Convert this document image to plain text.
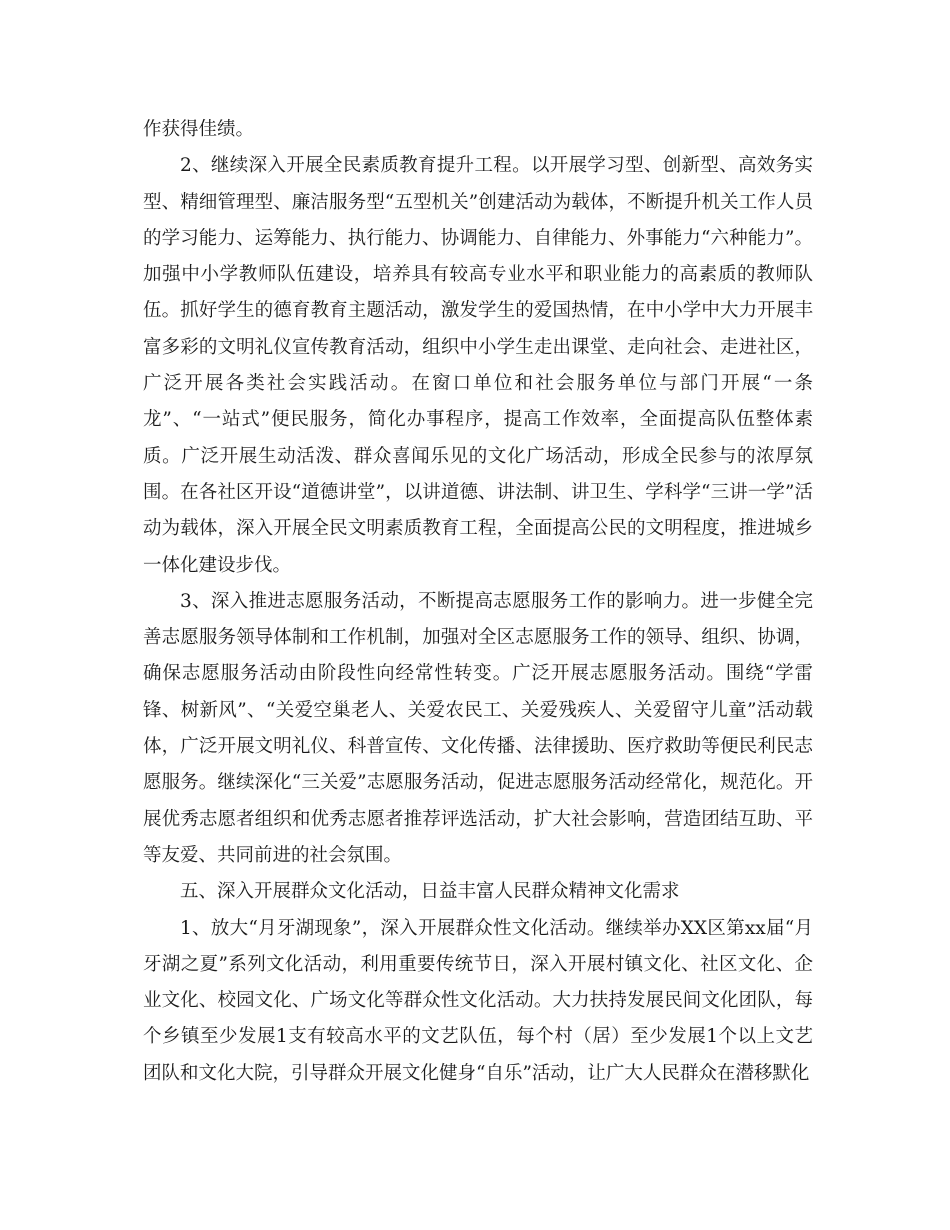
作获得佳绩。

2、继续深入开展全民素质教育提升工程。以开展学习型、创新型、高效务实型、精细管理型、廉洁服务型“五型机关”创建活动为载体，不断提升机关工作人员的学习能力、运筹能力、执行能力、协调能力、自律能力、外事能力“六种能力”。加强中小学教师队伍建设，培养具有较高专业水平和职业能力的高素质的教师队伍。抓好学生的德育教育主题活动，激发学生的爱国热情，在中小学中大力开展丰富多彩的文明礼仪宣传教育活动，组织中小学生走出课堂、走向社会、走进社区，广泛开展各类社会实践活动。在窗口单位和社会服务单位与部门开展“一条龙”、“一站式”便民服务，简化办事程序，提高工作效率，全面提高队伍整体素质。广泛开展生动活泼、群众喜闻乐见的文化广场活动，形成全民参与的浓厚氛围。在各社区开设“道德讲堂”，以讲道德、讲法制、讲卫生、学科学“三讲一学”活动为载体，深入开展全民文明素质教育工程，全面提高公民的文明程度，推进城乡一体化建设步伐。

3、深入推进志愿服务活动，不断提高志愿服务工作的影响力。进一步健全完善志愿服务领导体制和工作机制，加强对全区志愿服务工作的领导、组织、协调，确保志愿服务活动由阶段性向经常性转变。广泛开展志愿服务活动。围绕“学雷锋、树新风”、“关爱空巢老人、关爱农民工、关爱残疾人、关爱留守儿童”活动载体，广泛开展文明礼仪、科普宣传、文化传播、法律援助、医疗救助等便民利民志愿服务。继续深化“三关爱”志愿服务活动，促进志愿服务活动经常化，规范化。开展优秀志愿者组织和优秀志愿者推荐评选活动，扩大社会影响，营造团结互助、平等友爱、共同前进的社会氛围。

五、深入开展群众文化活动，日益丰富人民群众精神文化需求

1、放大“月牙湖现象”，深入开展群众性文化活动。继续举办XX区第xx届“月牙湖之夏”系列文化活动，利用重要传统节日，深入开展村镇文化、社区文化、企业文化、校园文化、广场文化等群众性文化活动。大力扶持发展民间文化团队，每个乡镇至少发展1支有较高水平的文艺队伍，每个村（居）至少发展1个以上文艺团队和文化大院，引导群众开展文化健身“自乐”活动，让广大人民群众在潜移默化
